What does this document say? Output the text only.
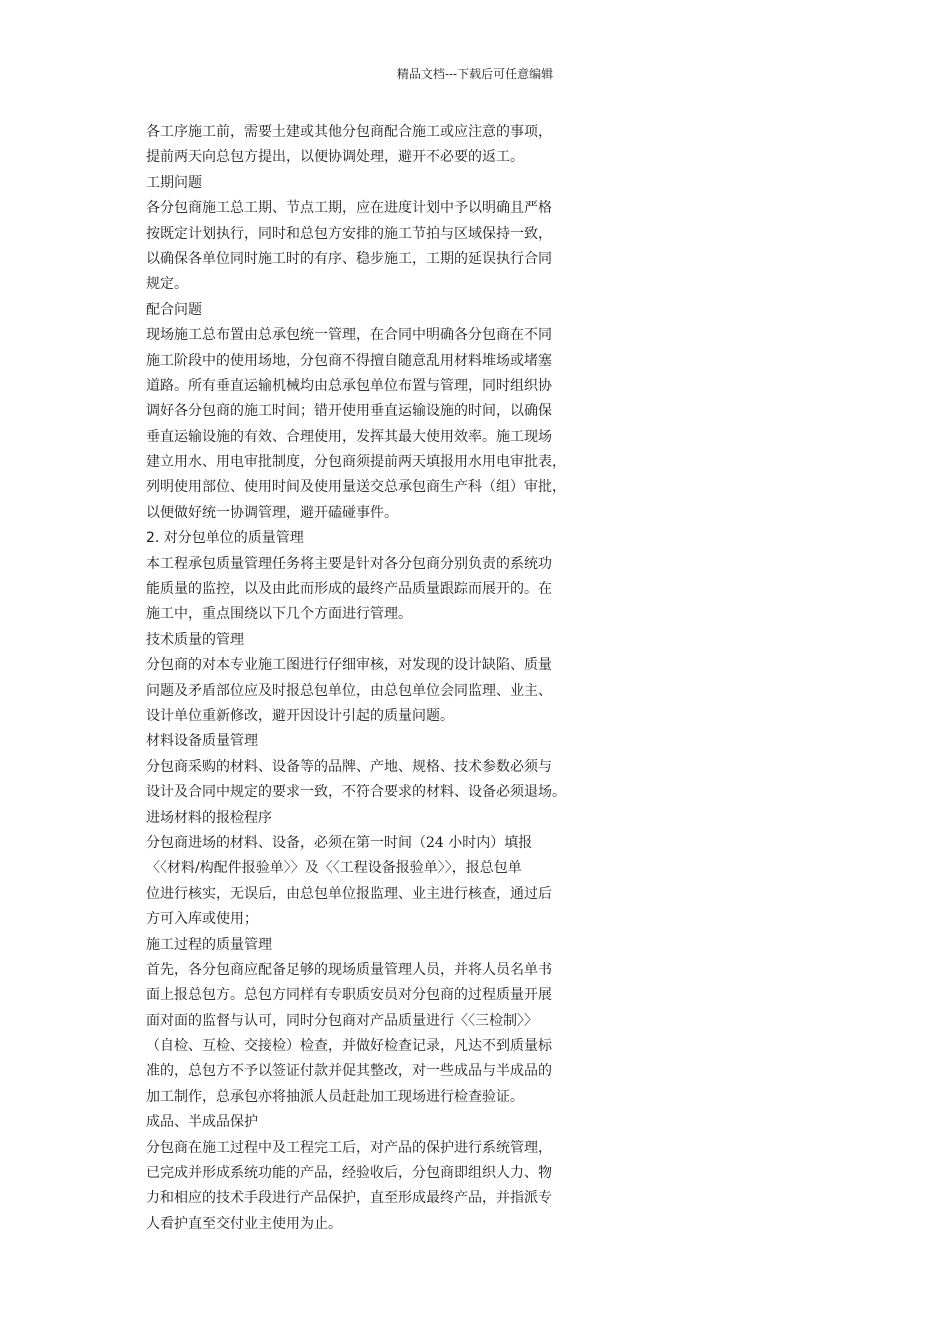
精品文档---下载后可任意编辑
各工序施工前，需要土建或其他分包商配合施工或应注意的事项，
提前两天向总包方提出，以便协调处理，避开不必要的返工。
工期问题
各分包商施工总工期、节点工期，应在进度计划中予以明确且严格
按既定计划执行，同时和总包方安排的施工节拍与区域保持一致，
以确保各单位同时施工时的有序、稳步施工，工期的延误执行合同
规定。
配合问题
现场施工总布置由总承包统一管理，在合同中明确各分包商在不同
施工阶段中的使用场地，分包商不得擅自随意乱用材料堆场或堵塞
道路。所有垂直运输机械均由总承包单位布置与管理，同时组织协
调好各分包商的施工时间；错开使用垂直运输设施的时间，以确保
垂直运输设施的有效、合理使用，发挥其最大使用效率。施工现场
建立用水、用电审批制度，分包商须提前两天填报用水用电审批表，
列明使用部位、使用时间及使用量送交总承包商生产科（组）审批，
以便做好统一协调管理，避开磕碰事件。
2. 对分包单位的质量管理
本工程承包质量管理任务将主要是针对各分包商分别负责的系统功
能质量的监控，以及由此而形成的最终产品质量跟踪而展开的。在
施工中，重点围绕以下几个方面进行管理。
技术质量的管理
分包商的对本专业施工图进行仔细审核，对发现的设计缺陷、质量
问题及矛盾部位应及时报总包单位，由总包单位会同监理、业主、
设计单位重新修改，避开因设计引起的质量问题。
材料设备质量管理
分包商采购的材料、设备等的品牌、产地、规格、技术参数必须与
设计及合同中规定的要求一致，不符合要求的材料、设备必须退场。
进场材料的报检程序
分包商进场的材料、设备，必须在第一时间（24 小时内）填报
〈〈材料/构配件报验单〉〉及〈〈工程设备报验单〉〉，报总包单
位进行核实，无误后，由总包单位报监理、业主进行核查，通过后
方可入库或使用；
施工过程的质量管理
首先，各分包商应配备足够的现场质量管理人员，并将人员名单书
面上报总包方。总包方同样有专职质安员对分包商的过程质量开展
面对面的监督与认可，同时分包商对产品质量进行〈〈三检制〉〉
（自检、互检、交接检）检查，并做好检查记录，凡达不到质量标
准的，总包方不予以签证付款并促其整改，对一些成品与半成品的
加工制作，总承包亦将抽派人员赶赴加工现场进行检查验证。
成品、半成品保护
分包商在施工过程中及工程完工后，对产品的保护进行系统管理，
已完成并形成系统功能的产品，经验收后，分包商即组织人力、物
力和相应的技术手段进行产品保护，直至形成最终产品，并指派专
人看护直至交付业主使用为止。
